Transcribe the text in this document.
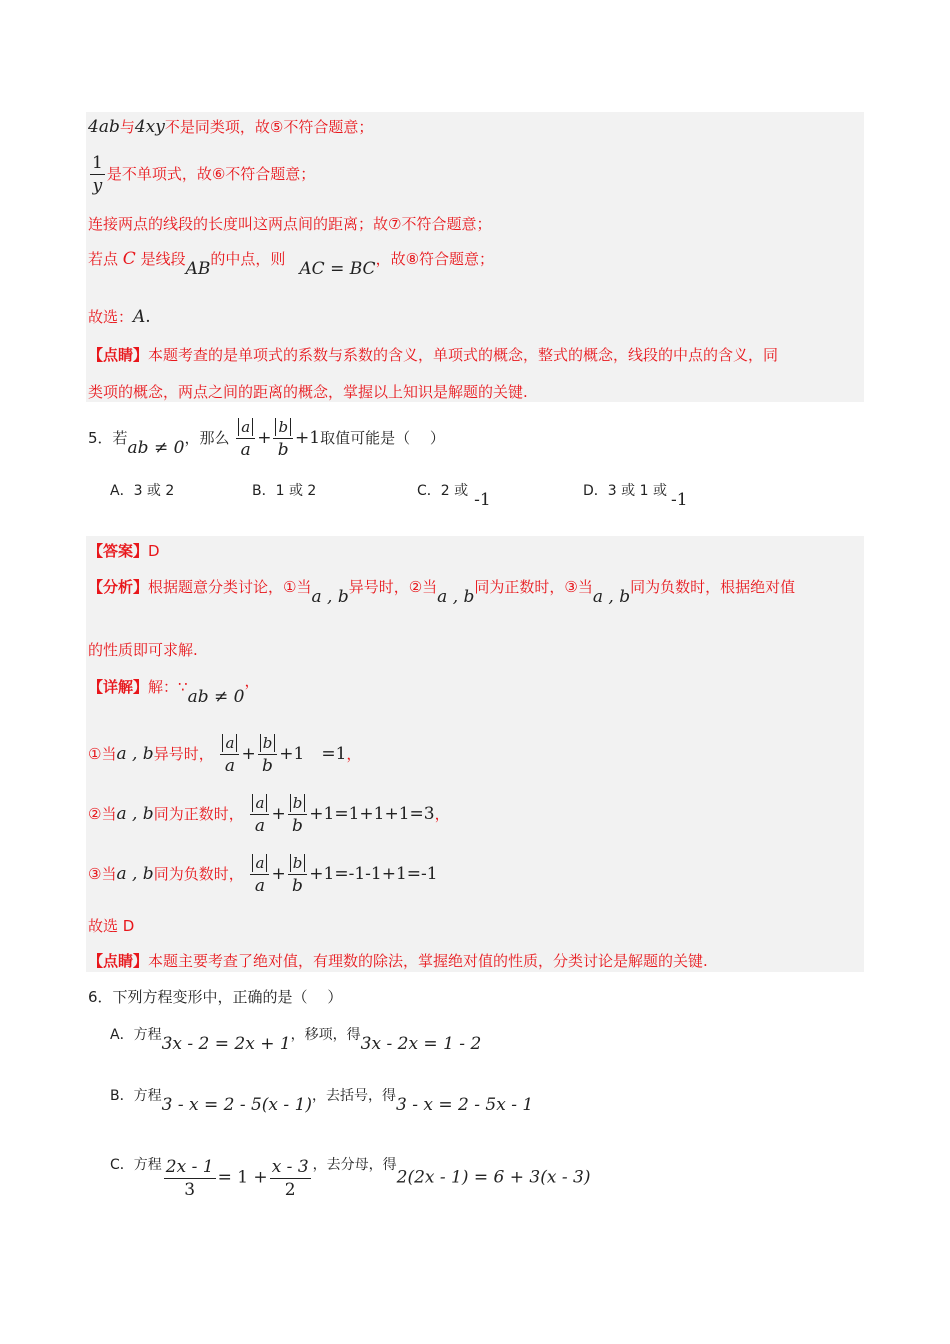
4ab与4xy不是同类项，故⑤不符合题意；
$\frac{1}{y}$ 是不单项式，故⑥不符合题意；
连接两点的线段的长度叫这两点间的距离；故⑦不符合题意；
若点 C 是线段AB的中点，则 AC = BC，故⑧符合题意；
故选：A.
【点睛】本题考查的是单项式的系数与系数的含义，单项式的概念，整式的概念，线段的中点的含义，同
类项的概念，两点之间的距离的概念，掌握以上知识是解题的关键.
5．若ab ≠ 0，那么 $\frac{a}{a} + \frac{b}{b} +1$取值可能是（　 ）
A．3 或 2	B．1 或 2	C．2 或 -1	D．3 或 1 或 -1
【答案】D
【分析】根据题意分类讨论，①当a , b异号时，②当a , b同为正数时，③当a , b同为负数时，根据绝对值
的性质即可求解.
【详解】解：∵ab ≠ 0，
①当a , b异号时， $\frac{a}{a} + \frac{b}{b} +1$　=1，
②当a , b同为正数时， $\frac{a}{a} + \frac{b}{b} +1=1+1+1=3$，
③当a , b同为负数时， $\frac{a}{a} + \frac{b}{b} +1=-1-1+1=-1$
故选 D
【点睛】本题主要考查了绝对值，有理数的除法，掌握绝对值的性质，分类讨论是解题的关键.
6．下列方程变形中，正确的是（　 ）
A．方程3x - 2 = 2x + 1，移项，得3x - 2x = 1 - 2
B．方程3 - x = 2 - 5(x - 1)，去括号，得3 - x = 2 - 5x - 1
C．方程 $\frac{2x - 1}{3} = 1 + \frac{x - 3}{2}$ ，去分母，得2(2x - 1) = 6 + 3(x - 3)
